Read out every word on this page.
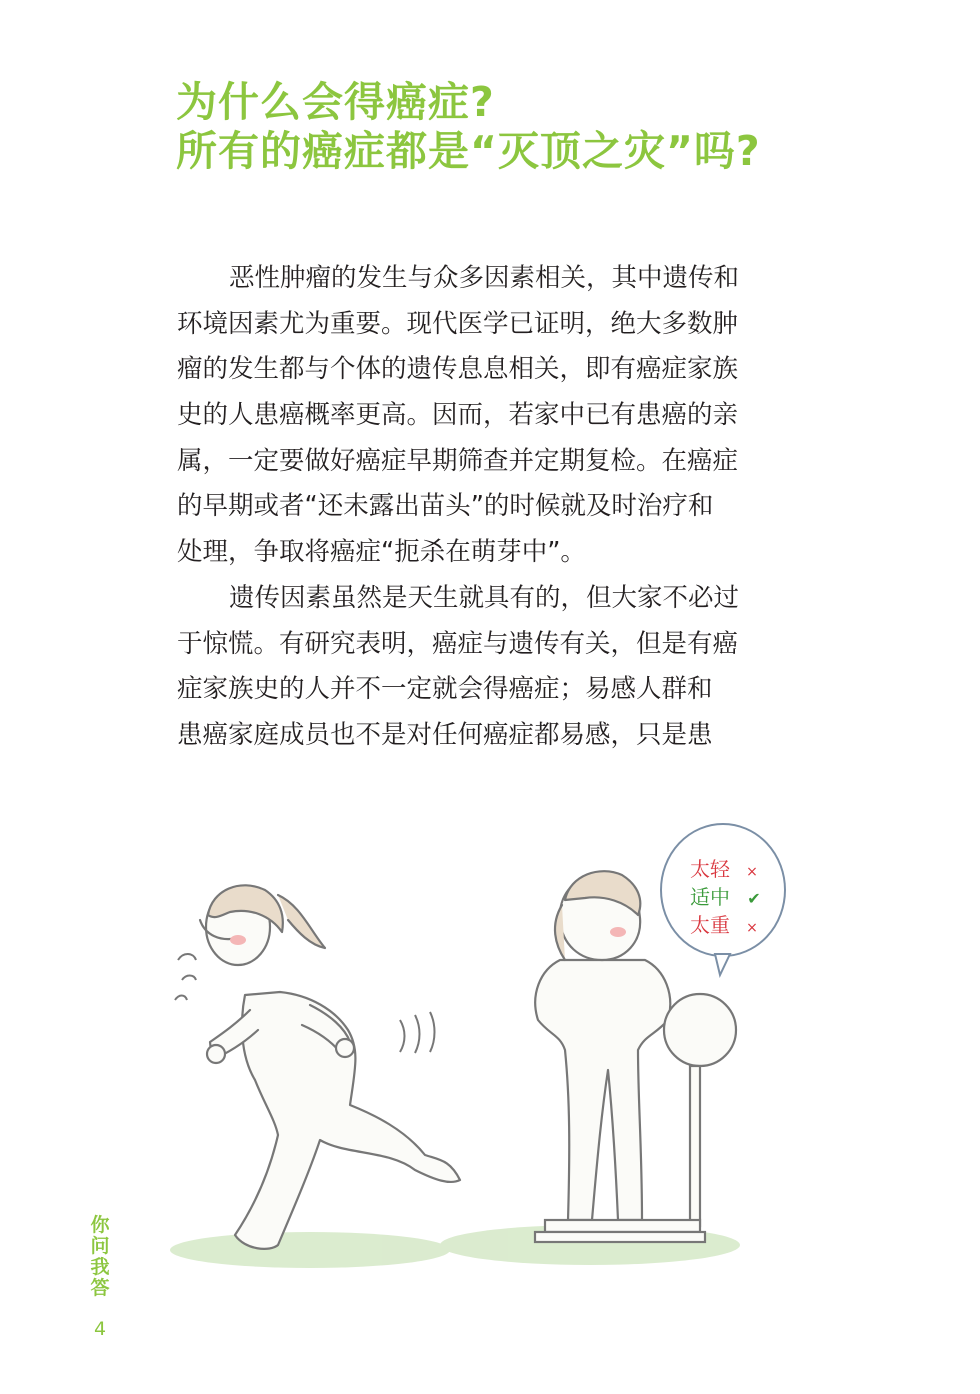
为什么会得癌症?
所有的癌症都是“灭顶之灾”吗?
恶性肿瘤的发生与众多因素相关，其中遗传和
环境因素尤为重要。现代医学已证明，绝大多数肿
瘤的发生都与个体的遗传息息相关，即有癌症家族
史的人患癌概率更高。因而，若家中已有患癌的亲
属，一定要做好癌症早期筛查并定期复检。在癌症
的早期或者“还未露出苗头”的时候就及时治疗和
处理，争取将癌症“扼杀在萌芽中”。
遗传因素虽然是天生就具有的，但大家不必过
于惊慌。有研究表明，癌症与遗传有关，但是有癌
症家族史的人并不一定就会得癌症；易感人群和
患癌家庭成员也不是对任何癌症都易感，只是患
太轻 ×
适中 ✔
太重 ×
你
问
我
答
4
